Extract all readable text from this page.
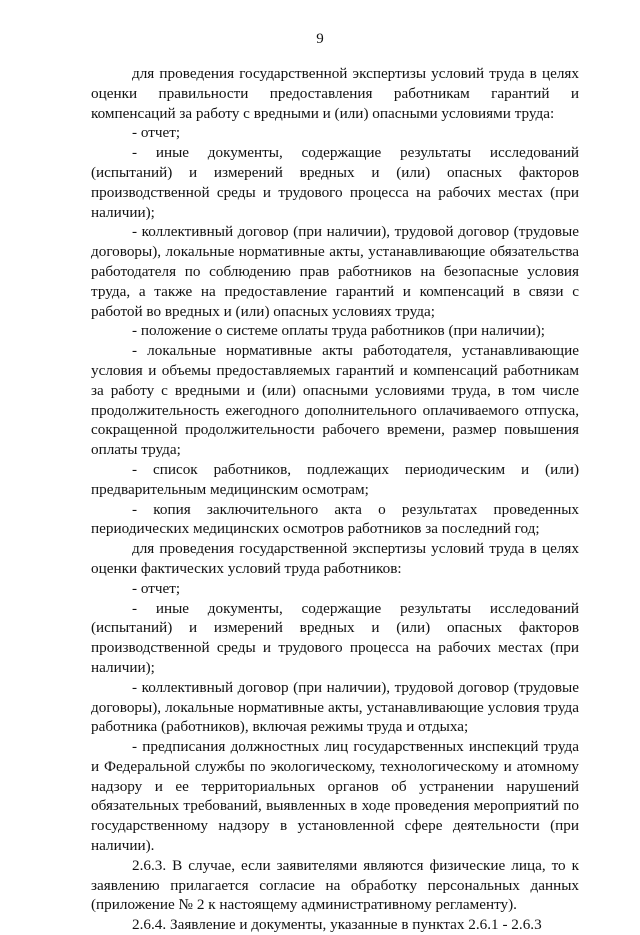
9

для проведения государственной экспертизы условий труда в целях оценки правильности предоставления работникам гарантий и компенсаций за работу с вредными и (или) опасными условиями труда:

- отчет;

- иные документы, содержащие результаты исследований (испытаний) и измерений вредных и (или) опасных факторов производственной среды и трудового процесса на рабочих местах (при наличии);

- коллективный договор (при наличии), трудовой договор (трудовые договоры), локальные нормативные акты, устанавливающие обязательства работодателя по соблюдению прав работников на безопасные условия труда, а также на предоставление гарантий и компенсаций в связи с работой во вредных и (или) опасных условиях труда;

- положение о системе оплаты труда работников (при наличии);

- локальные нормативные акты работодателя, устанавливающие условия и объемы предоставляемых гарантий и компенсаций работникам за работу с вредными и (или) опасными условиями труда, в том числе продолжительность ежегодного дополнительного оплачиваемого отпуска, сокращенной продолжительности рабочего времени, размер повышения оплаты труда;

- список работников, подлежащих периодическим и (или) предварительным медицинским осмотрам;

- копия заключительного акта о результатах проведенных периодических медицинских осмотров работников за последний год;

для проведения государственной экспертизы условий труда в целях оценки фактических условий труда работников:

- отчет;

- иные документы, содержащие результаты исследований (испытаний) и измерений вредных и (или) опасных факторов производственной среды и трудового процесса на рабочих местах (при наличии);

- коллективный договор (при наличии), трудовой договор (трудовые договоры), локальные нормативные акты, устанавливающие условия труда работника (работников), включая режимы труда и отдыха;

- предписания должностных лиц государственных инспекций труда и Федеральной службы по экологическому, технологическому и атомному надзору и ее территориальных органов об устранении нарушений обязательных требований, выявленных в ходе проведения мероприятий по государственному надзору в установленной сфере деятельности (при наличии).

2.6.3. В случае, если заявителями являются физические лица, то к заявлению прилагается согласие на обработку персональных данных (приложение № 2 к настоящему административному регламенту).

2.6.4. Заявление и документы, указанные в пунктах 2.6.1 - 2.6.3
